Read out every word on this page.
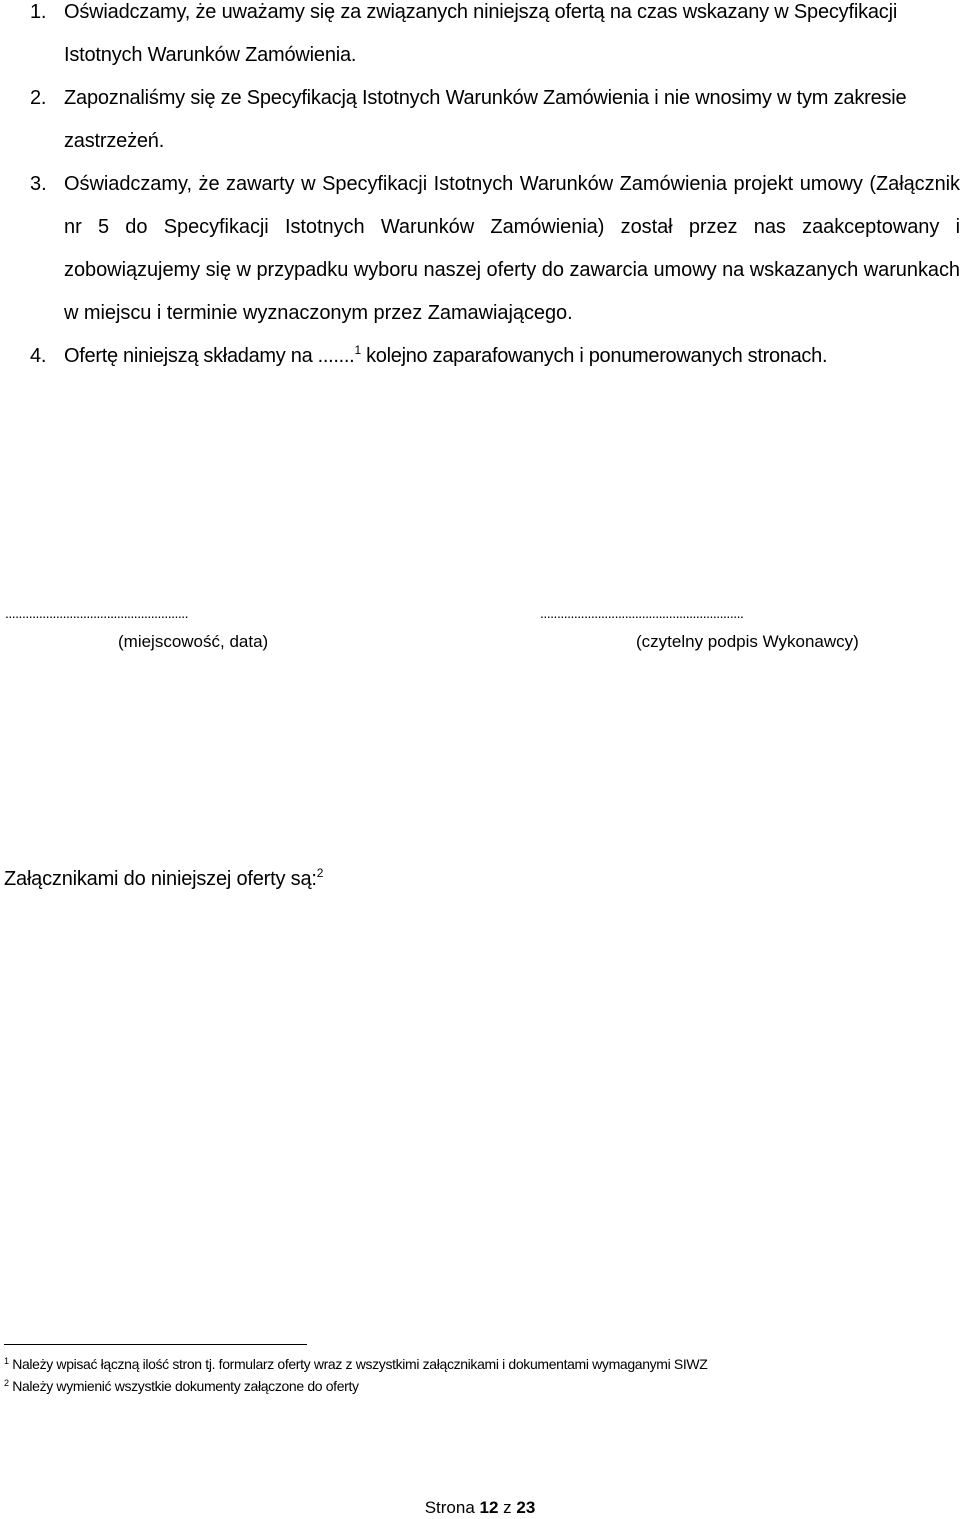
1. Oświadczamy, że uważamy się za związanych niniejszą ofertą na czas wskazany w Specyfikacji Istotnych Warunków Zamówienia.
2. Zapoznaliśmy się ze Specyfikacją Istotnych Warunków Zamówienia i nie wnosimy w tym zakresie zastrzeżeń.
3. Oświadczamy, że zawarty w Specyfikacji Istotnych Warunków Zamówienia projekt umowy (Załącznik nr 5 do Specyfikacji Istotnych Warunków Zamówienia) został przez nas zaakceptowany i zobowiązujemy się w przypadku wyboru naszej oferty do zawarcia umowy na wskazanych warunkach w miejscu i terminie wyznaczonym przez Zamawiającego.
4. Ofertę niniejszą składamy na .......$^1$ kolejno zaparafowanych i ponumerowanych stronach.
......................................................	............................................................
(miejscowość, data)	(czytelny podpis Wykonawcy)
Załącznikami do niniejszej oferty są:$^2$
$^1$ Należy wpisać łączną ilość stron tj. formularz oferty wraz z wszystkimi załącznikami i dokumentami wymaganymi SIWZ
$^2$ Należy wymienić wszystkie dokumenty załączone do oferty
Strona 12 z 23
